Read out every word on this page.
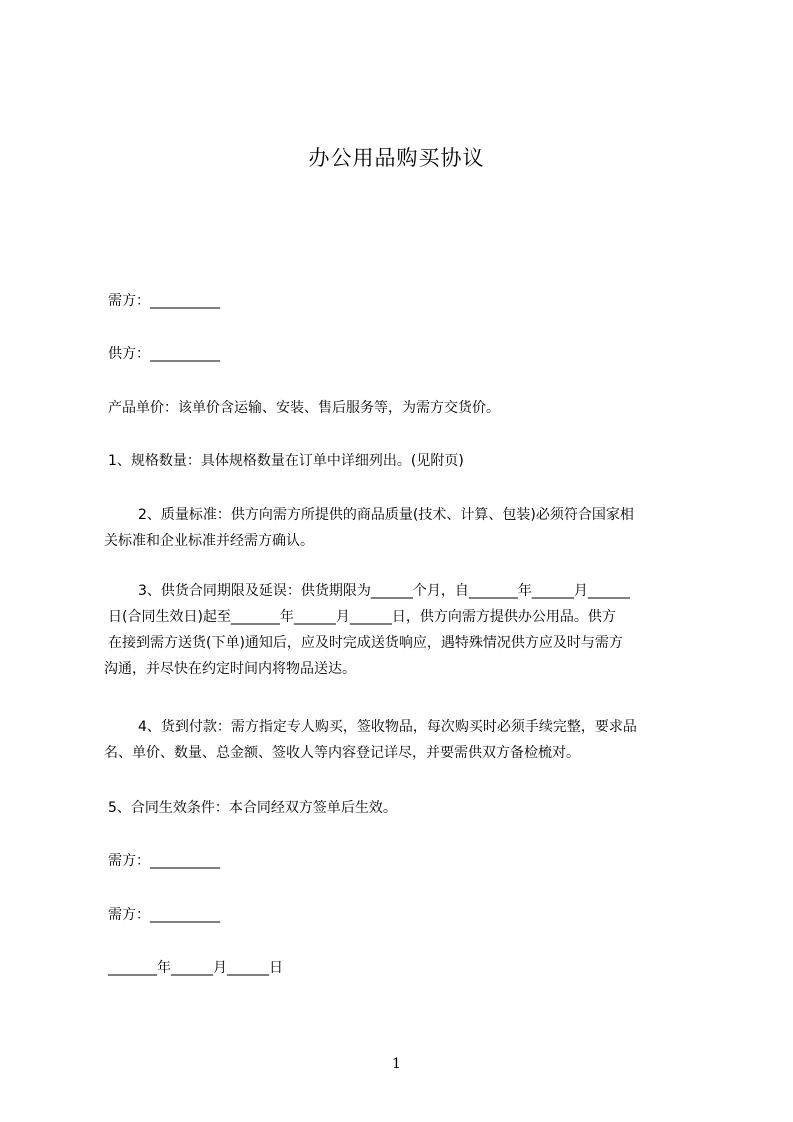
办公用品购买协议

需方：__________

供方：__________

产品单价：该单价含运输、安装、售后服务等，为需方交货价。

1、规格数量：具体规格数量在订单中详细列出。(见附页)

2、质量标准：供方向需方所提供的商品质量(技术、计算、包装)必须符合国家相
关标准和企业标准并经需方确认。
3、供货合同期限及延误：供货期限为______个月，自_______年______月______
日(合同生效日)起至_______年______月______日，供方向需方提供办公用品。供方
在接到需方送货(下单)通知后，应及时完成送货响应，遇特殊情况供方应及时与需方
沟通，并尽快在约定时间内将物品送达。
4、货到付款：需方指定专人购买，签收物品，每次购买时必须手续完整，要求品
名、单价、数量、总金额、签收人等内容登记详尽，并要需供双方备检梳对。

5、合同生效条件：本合同经双方签单后生效。

需方：__________

需方：__________

_______年______月______日

1
